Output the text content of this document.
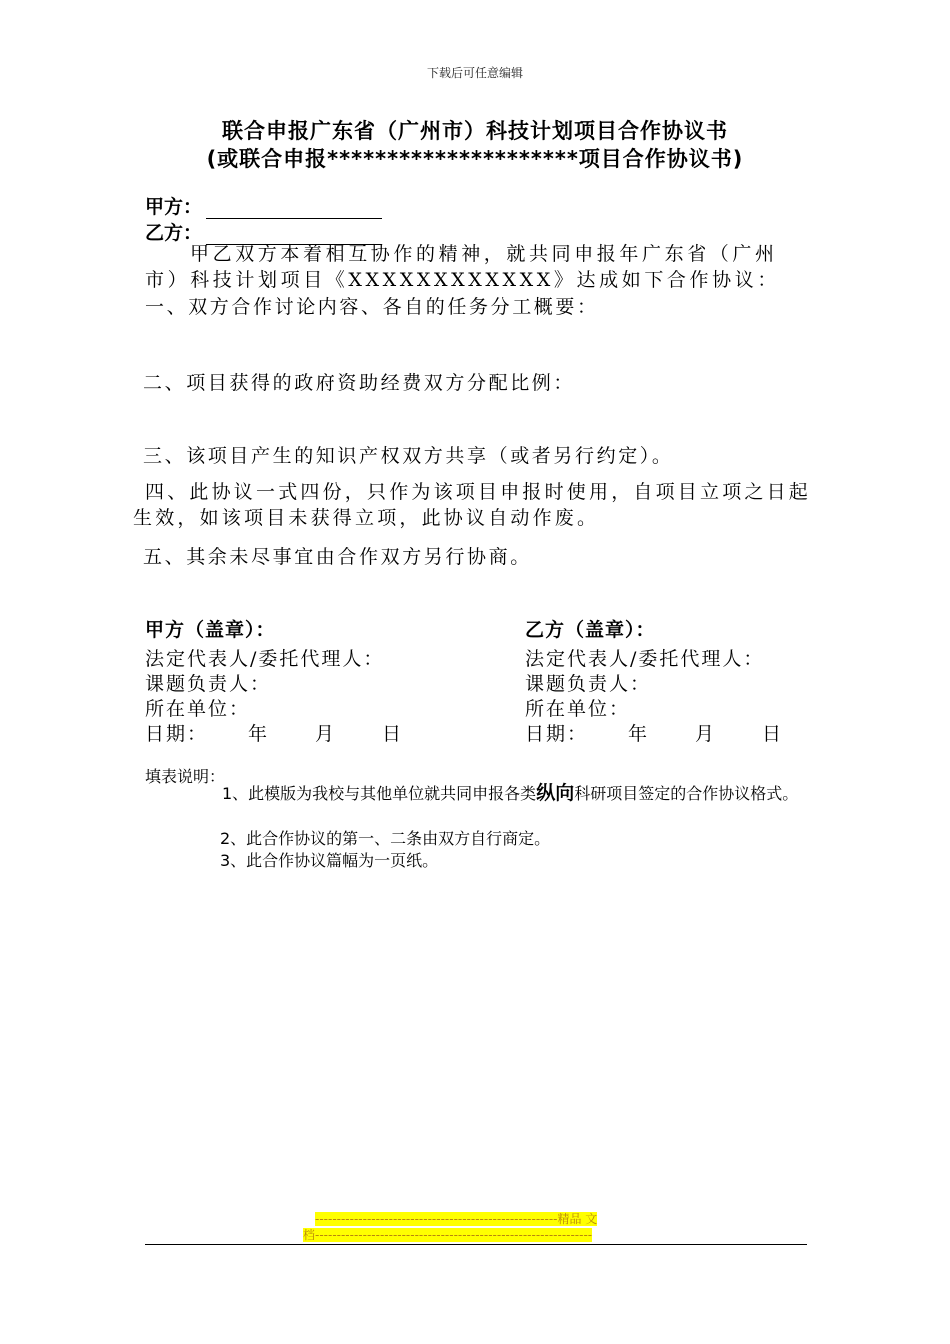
下载后可任意编辑
联合申报广东省（广州市）科技计划项目合作协议书
(或联合申报*********************项目合作协议书)
甲方：
乙方：
甲乙双方本着相互协作的精神，就共同申报年广东省（广州市）科技计划项目《XXXXXXXXXXXX》达成如下合作协议：
一、双方合作讨论内容、各自的任务分工概要：
二、项目获得的政府资助经费双方分配比例：
三、该项目产生的知识产权双方共享（或者另行约定）。
四、此协议一式四份，只作为该项目申报时使用，自项目立项之日起生效，如该项目未获得立项，此协议自动作废。
五、其余未尽事宜由合作双方另行协商。
甲方（盖章）：
法定代表人/委托代理人：
课题负责人：
所在单位：
日期： 年 月 日
乙方（盖章）：
法定代表人/委托代理人：
课题负责人：
所在单位：
日期： 年 月 日
填表说明：
1、此模版为我校与其他单位就共同申报各类纵向科研项目签定的合作协议格式。
2、此合作协议的第一、二条由双方自行商定。
3、此合作协议篇幅为一页纸。
--------------------------------------------------------精品 文
档----------------------------------------------------------------
